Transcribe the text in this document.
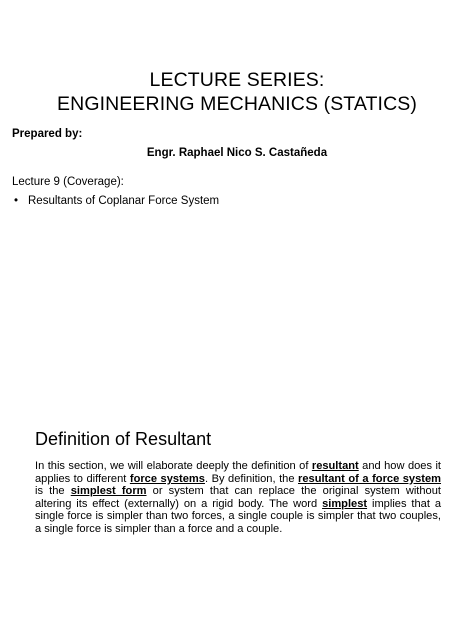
LECTURE SERIES:
ENGINEERING MECHANICS (STATICS)
Prepared by:
Engr. Raphael Nico S. Castañeda
Lecture 9 (Coverage):
• Resultants of Coplanar Force System
Definition of Resultant
In this section, we will elaborate deeply the definition of resultant and how does it applies to different force systems. By definition, the resultant of a force system is the simplest form or system that can replace the original system without altering its effect (externally) on a rigid body. The word simplest implies that a single force is simpler than two forces, a single couple is simpler that two couples, a single force is simpler than a force and a couple.
